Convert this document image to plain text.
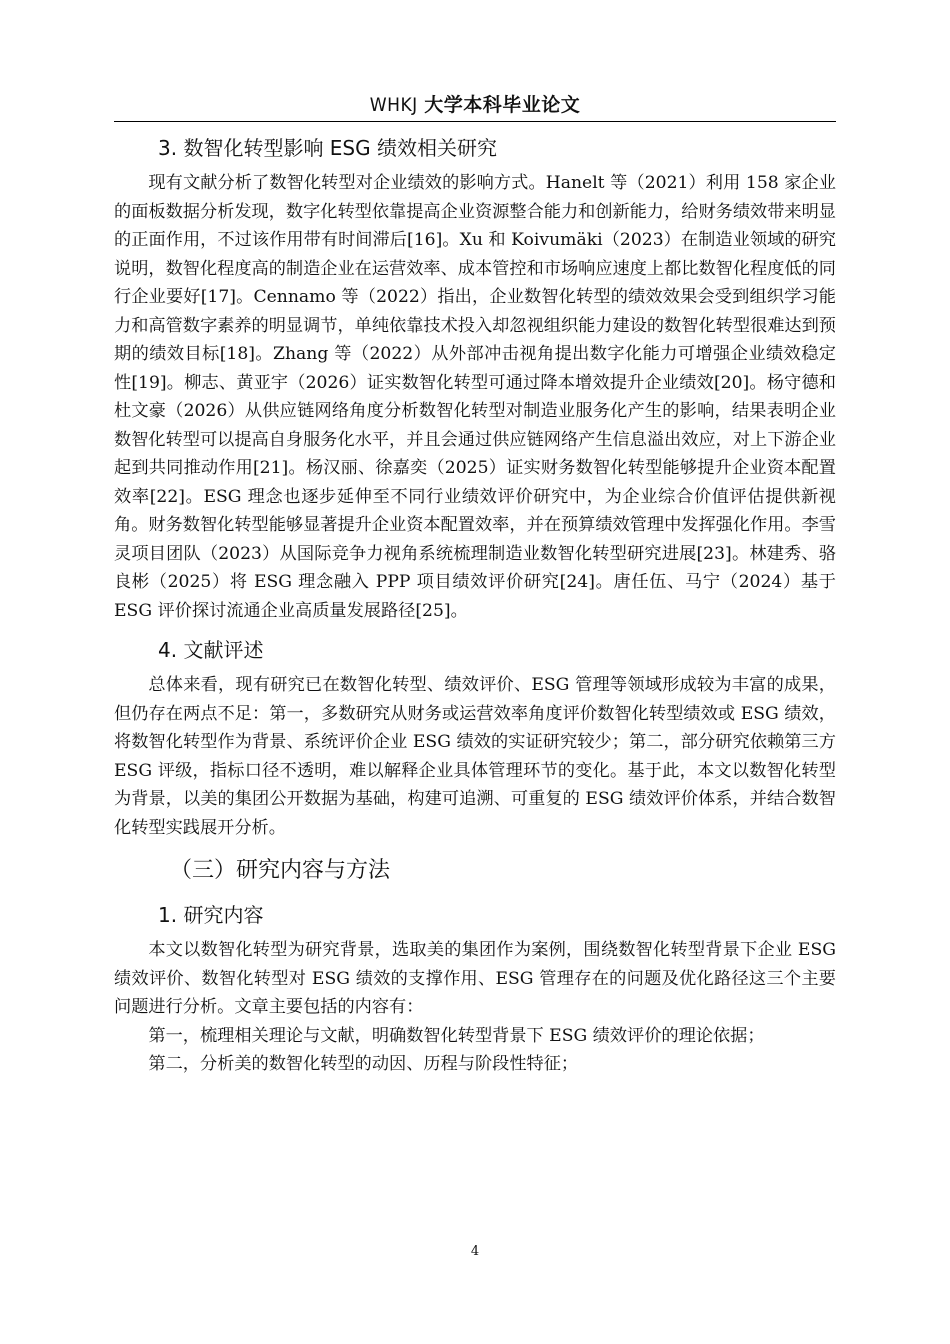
WHKJ 大学本科毕业论文
3. 数智化转型影响 ESG 绩效相关研究

现有文献分析了数智化转型对企业绩效的影响方式。Hanelt 等（2021）利用 158 家企业的面板数据分析发现，数字化转型依靠提高企业资源整合能力和创新能力，给财务绩效带来明显的正面作用，不过该作用带有时间滞后[16]。Xu 和 Koivumäki（2023）在制造业领域的研究说明，数智化程度高的制造企业在运营效率、成本管控和市场响应速度上都比数智化程度低的同行企业要好[17]。Cennamo 等（2022）指出，企业数智化转型的绩效效果会受到组织学习能力和高管数字素养的明显调节，单纯依靠技术投入却忽视组织能力建设的数智化转型很难达到预期的绩效目标[18]。Zhang 等（2022）从外部冲击视角提出数字化能力可增强企业绩效稳定性[19]。柳志、黄亚宇（2026）证实数智化转型可通过降本增效提升企业绩效[20]。杨守德和杜文豪（2026）从供应链网络角度分析数智化转型对制造业服务化产生的影响，结果表明企业数智化转型可以提高自身服务化水平，并且会通过供应链网络产生信息溢出效应，对上下游企业起到共同推动作用[21]。杨汉丽、徐嘉奕（2025）证实财务数智化转型能够提升企业资本配置效率[22]。ESG 理念也逐步延伸至不同行业绩效评价研究中，为企业综合价值评估提供新视角。财务数智化转型能够显著提升企业资本配置效率，并在预算绩效管理中发挥强化作用。李雪灵项目团队（2023）从国际竞争力视角系统梳理制造业数智化转型研究进展[23]。林建秀、骆良彬（2025）将 ESG 理念融入 PPP 项目绩效评价研究[24]。唐任伍、马宁（2024）基于 ESG 评价探讨流通企业高质量发展路径[25]。

4. 文献评述

总体来看，现有研究已在数智化转型、绩效评价、ESG 管理等领域形成较为丰富的成果，但仍存在两点不足：第一，多数研究从财务或运营效率角度评价数智化转型绩效或 ESG 绩效，将数智化转型作为背景、系统评价企业 ESG 绩效的实证研究较少；第二，部分研究依赖第三方 ESG 评级，指标口径不透明，难以解释企业具体管理环节的变化。基于此，本文以数智化转型为背景，以美的集团公开数据为基础，构建可追溯、可重复的 ESG 绩效评价体系，并结合数智化转型实践展开分析。

（三）研究内容与方法
1. 研究内容

本文以数智化转型为研究背景，选取美的集团作为案例，围绕数智化转型背景下企业 ESG 绩效评价、数智化转型对 ESG 绩效的支撑作用、ESG 管理存在的问题及优化路径这三个主要问题进行分析。文章主要包括的内容有：

第一，梳理相关理论与文献，明确数智化转型背景下 ESG 绩效评价的理论依据；

第二，分析美的数智化转型的动因、历程与阶段性特征；

4
